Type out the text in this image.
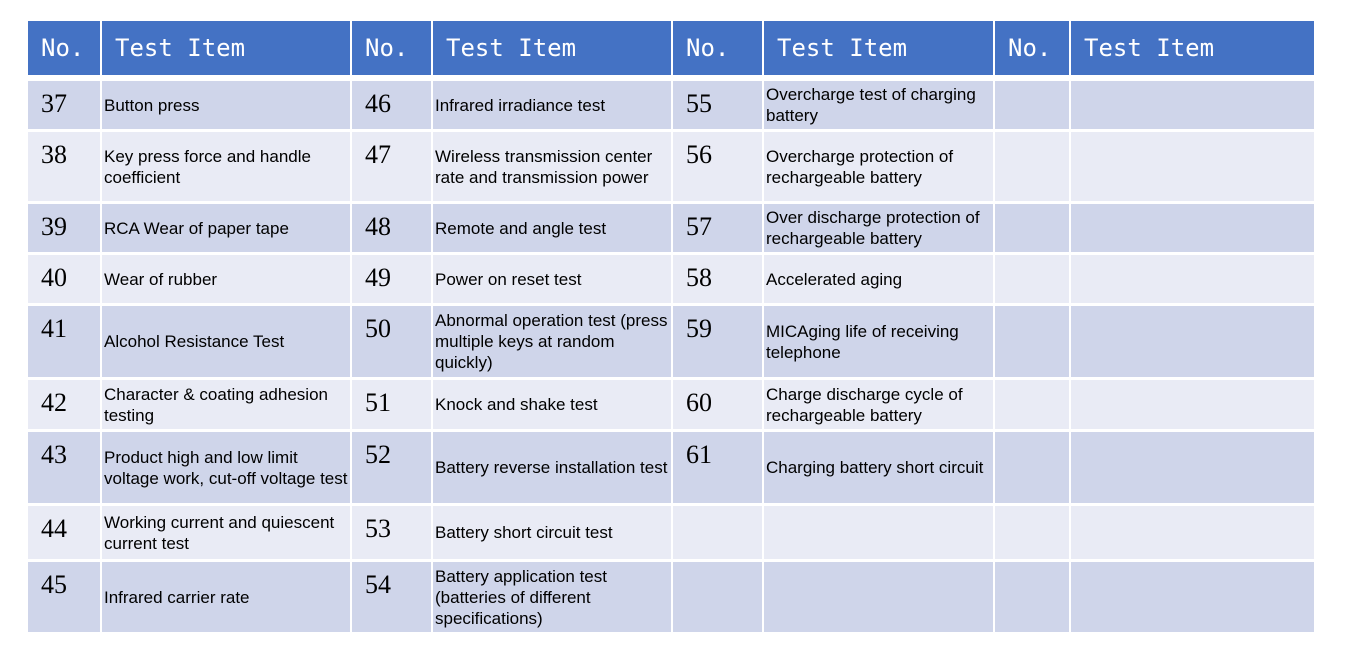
No.	Test Item	No.	Test Item	No.	Test Item	No.	Test Item
37	Button press	46	Infrared irradiance test	55	Overcharge test of charging battery		
38	Key press force and handle coefficient	47	Wireless transmission center rate and transmission power	56	Overcharge protection of rechargeable battery		
39	RCA Wear of paper tape	48	Remote and angle test	57	Over discharge protection of rechargeable battery		
40	Wear of rubber	49	Power on reset test	58	Accelerated aging		
41	Alcohol Resistance Test	50	Abnormal operation test (press multiple keys at random quickly)	59	MICAging life of receiving telephone		
42	Character & coating adhesion testing	51	Knock and shake test	60	Charge discharge cycle of rechargeable battery		
43	Product high and low limit voltage work, cut-off voltage test	52	Battery reverse installation test	61	Charging battery short circuit		
44	Working current and quiescent current test	53	Battery short circuit test				
45	Infrared carrier rate	54	Battery application test (batteries of different specifications)				
